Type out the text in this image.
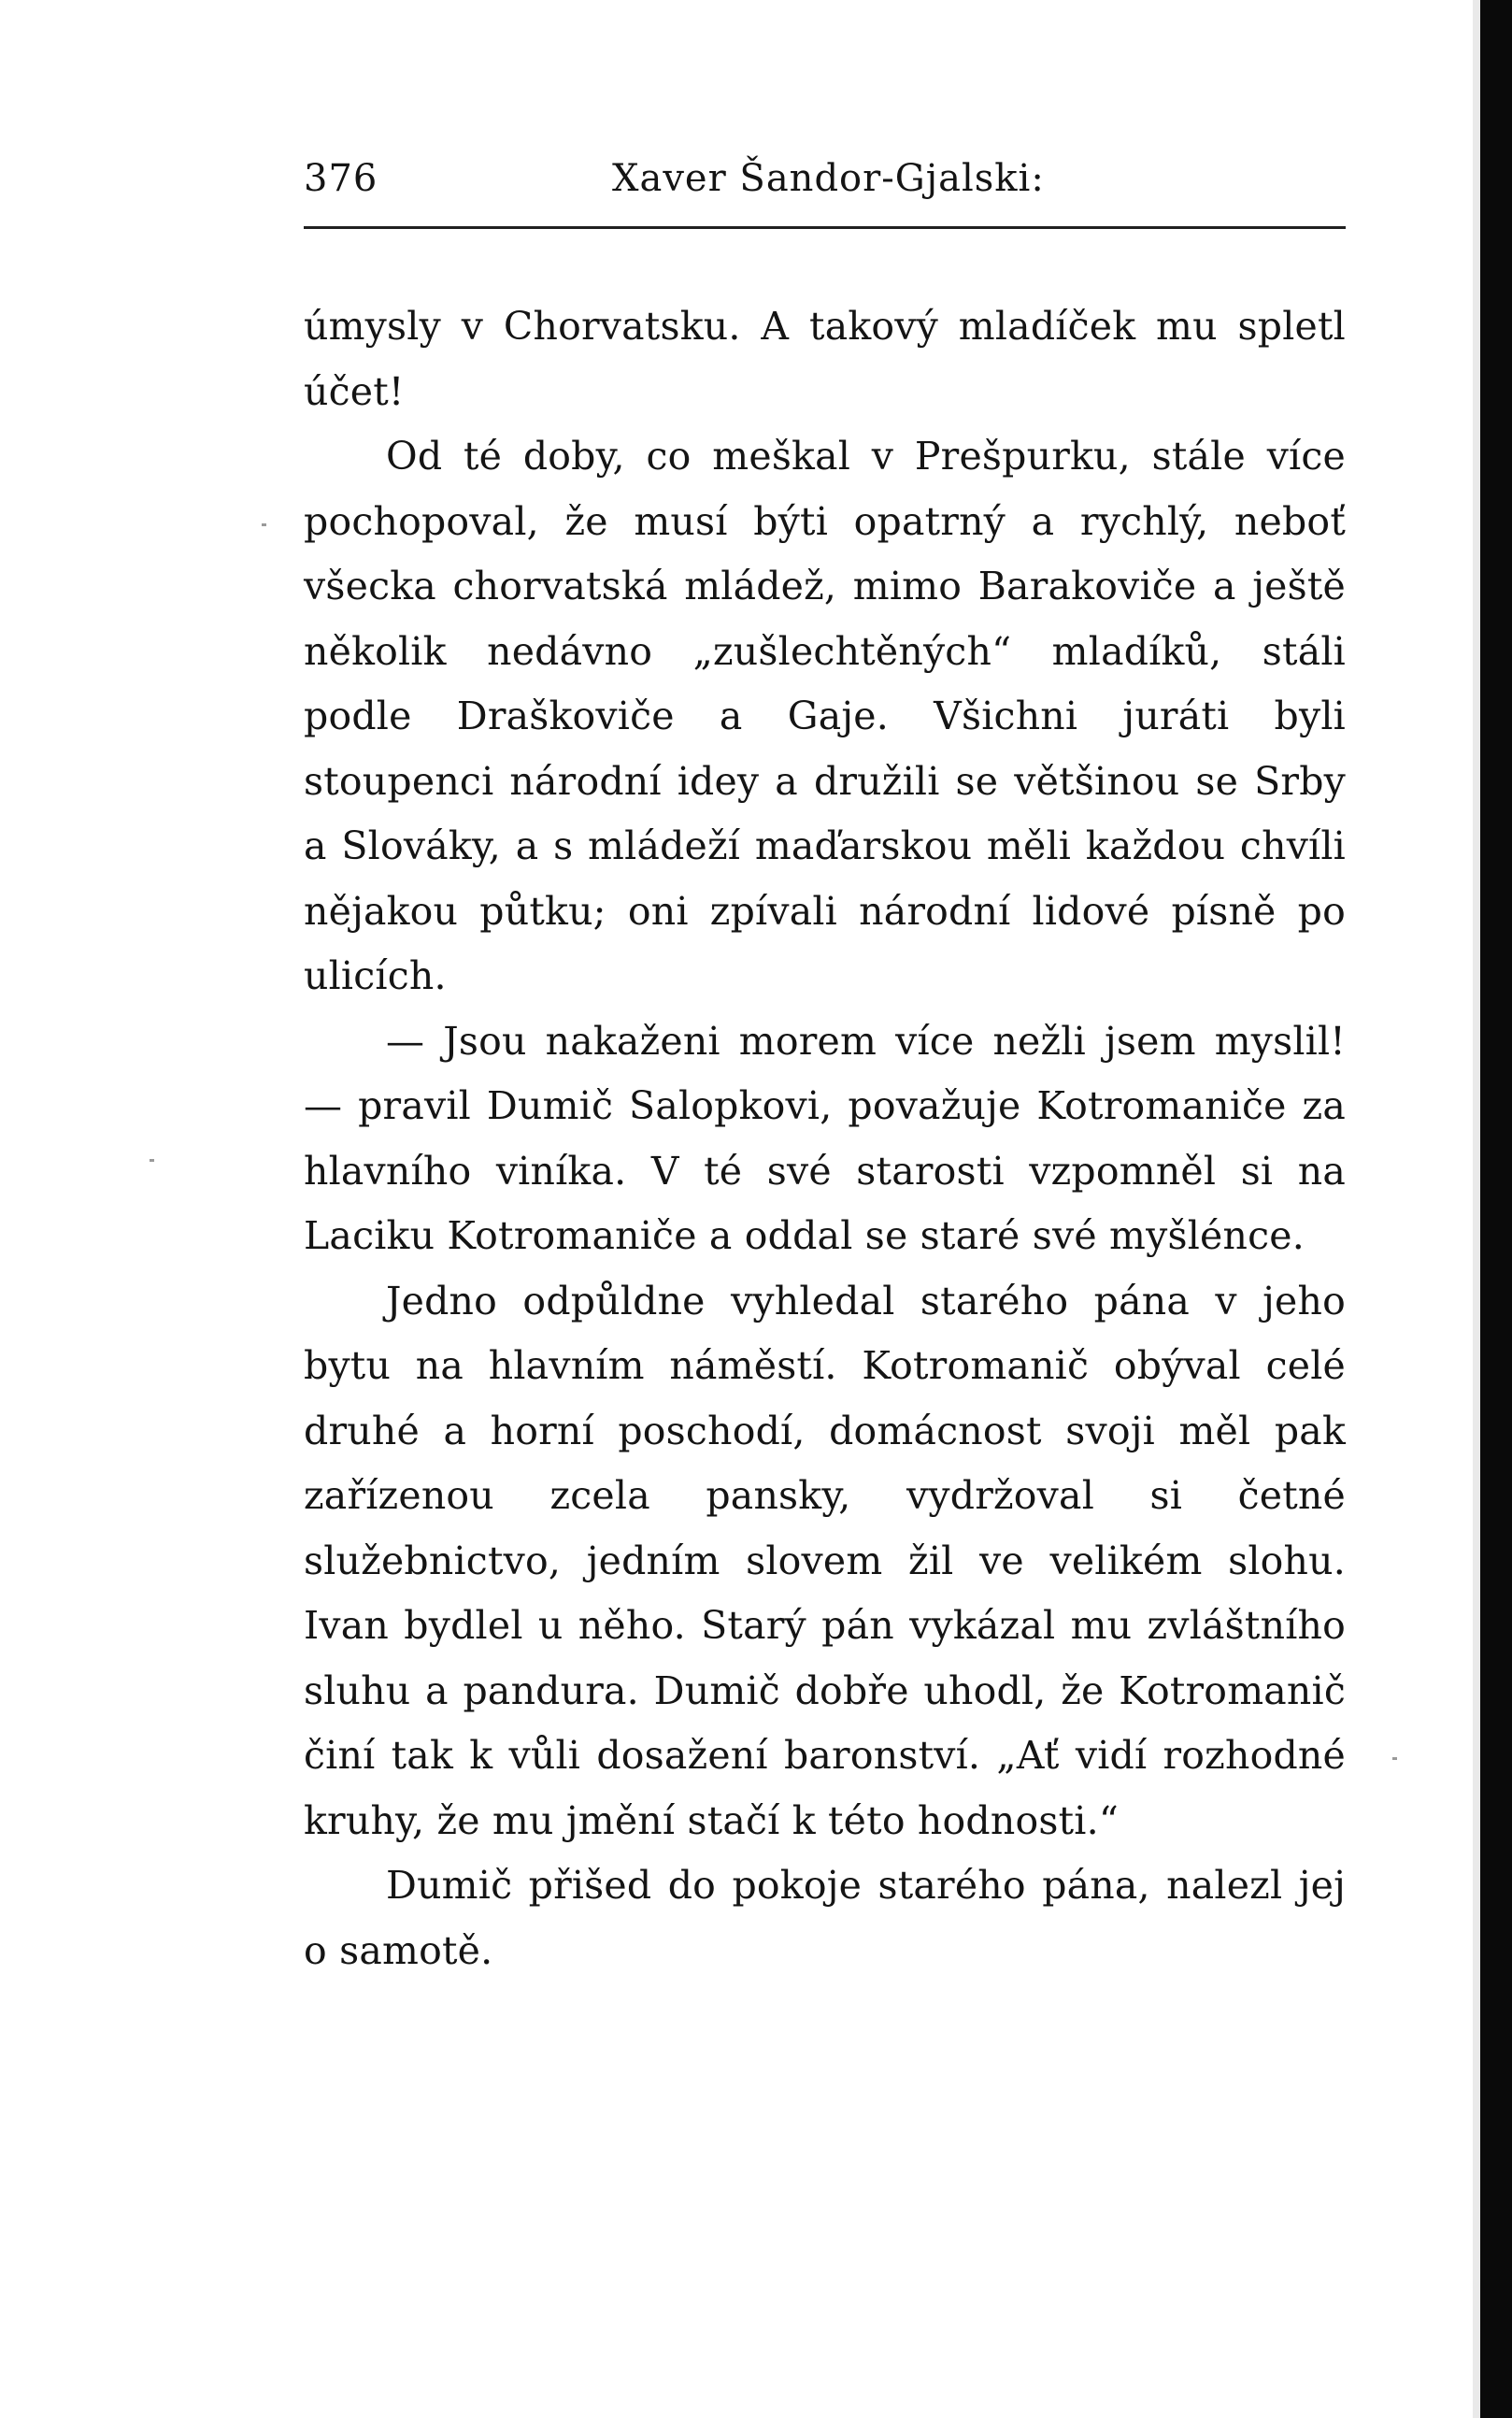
376	Xaver Šandor-Gjalski:

úmysly v Chorvatsku. A takový mladíček mu spletl účet!

Od té doby, co meškal v Prešpurku, stále více pochopoval, že musí býti opatrný a rychlý, neboť všecka chorvatská mládež, mimo Barakoviče a ještě několik nedávno „zušlechtěných“ mladíků, stáli podle Draškoviče a Gaje. Všichni juráti byli stoupenci národní idey a družili se většinou se Srby a Slováky, a s mládeží maďarskou měli každou chvíli nějakou půtku; oni zpívali národní lidové písně po ulicích.

— Jsou nakaženi morem více nežli jsem myslil! — pravil Dumič Salopkovi, považuje Kotromaniče za hlavního viníka. V té své starosti vzpomněl si na Laciku Kotromaniče a oddal se staré své myšlénce.

Jedno odpůldne vyhledal starého pána v jeho bytu na hlavním náměstí. Kotromanič obýval celé druhé a horní poschodí, domácnost svoji měl pak zařízenou zcela pansky, vydržoval si četné služebnictvo, jedním slovem žil ve velikém slohu. Ivan bydlel u něho. Starý pán vykázal mu zvláštního sluhu a pandura. Dumič dobře uhodl, že Kotromanič činí tak k vůli dosažení baronství. „Ať vidí rozhodné kruhy, že mu jmění stačí k této hodnosti.“

Dumič přišed do pokoje starého pána, nalezl jej o samotě.
